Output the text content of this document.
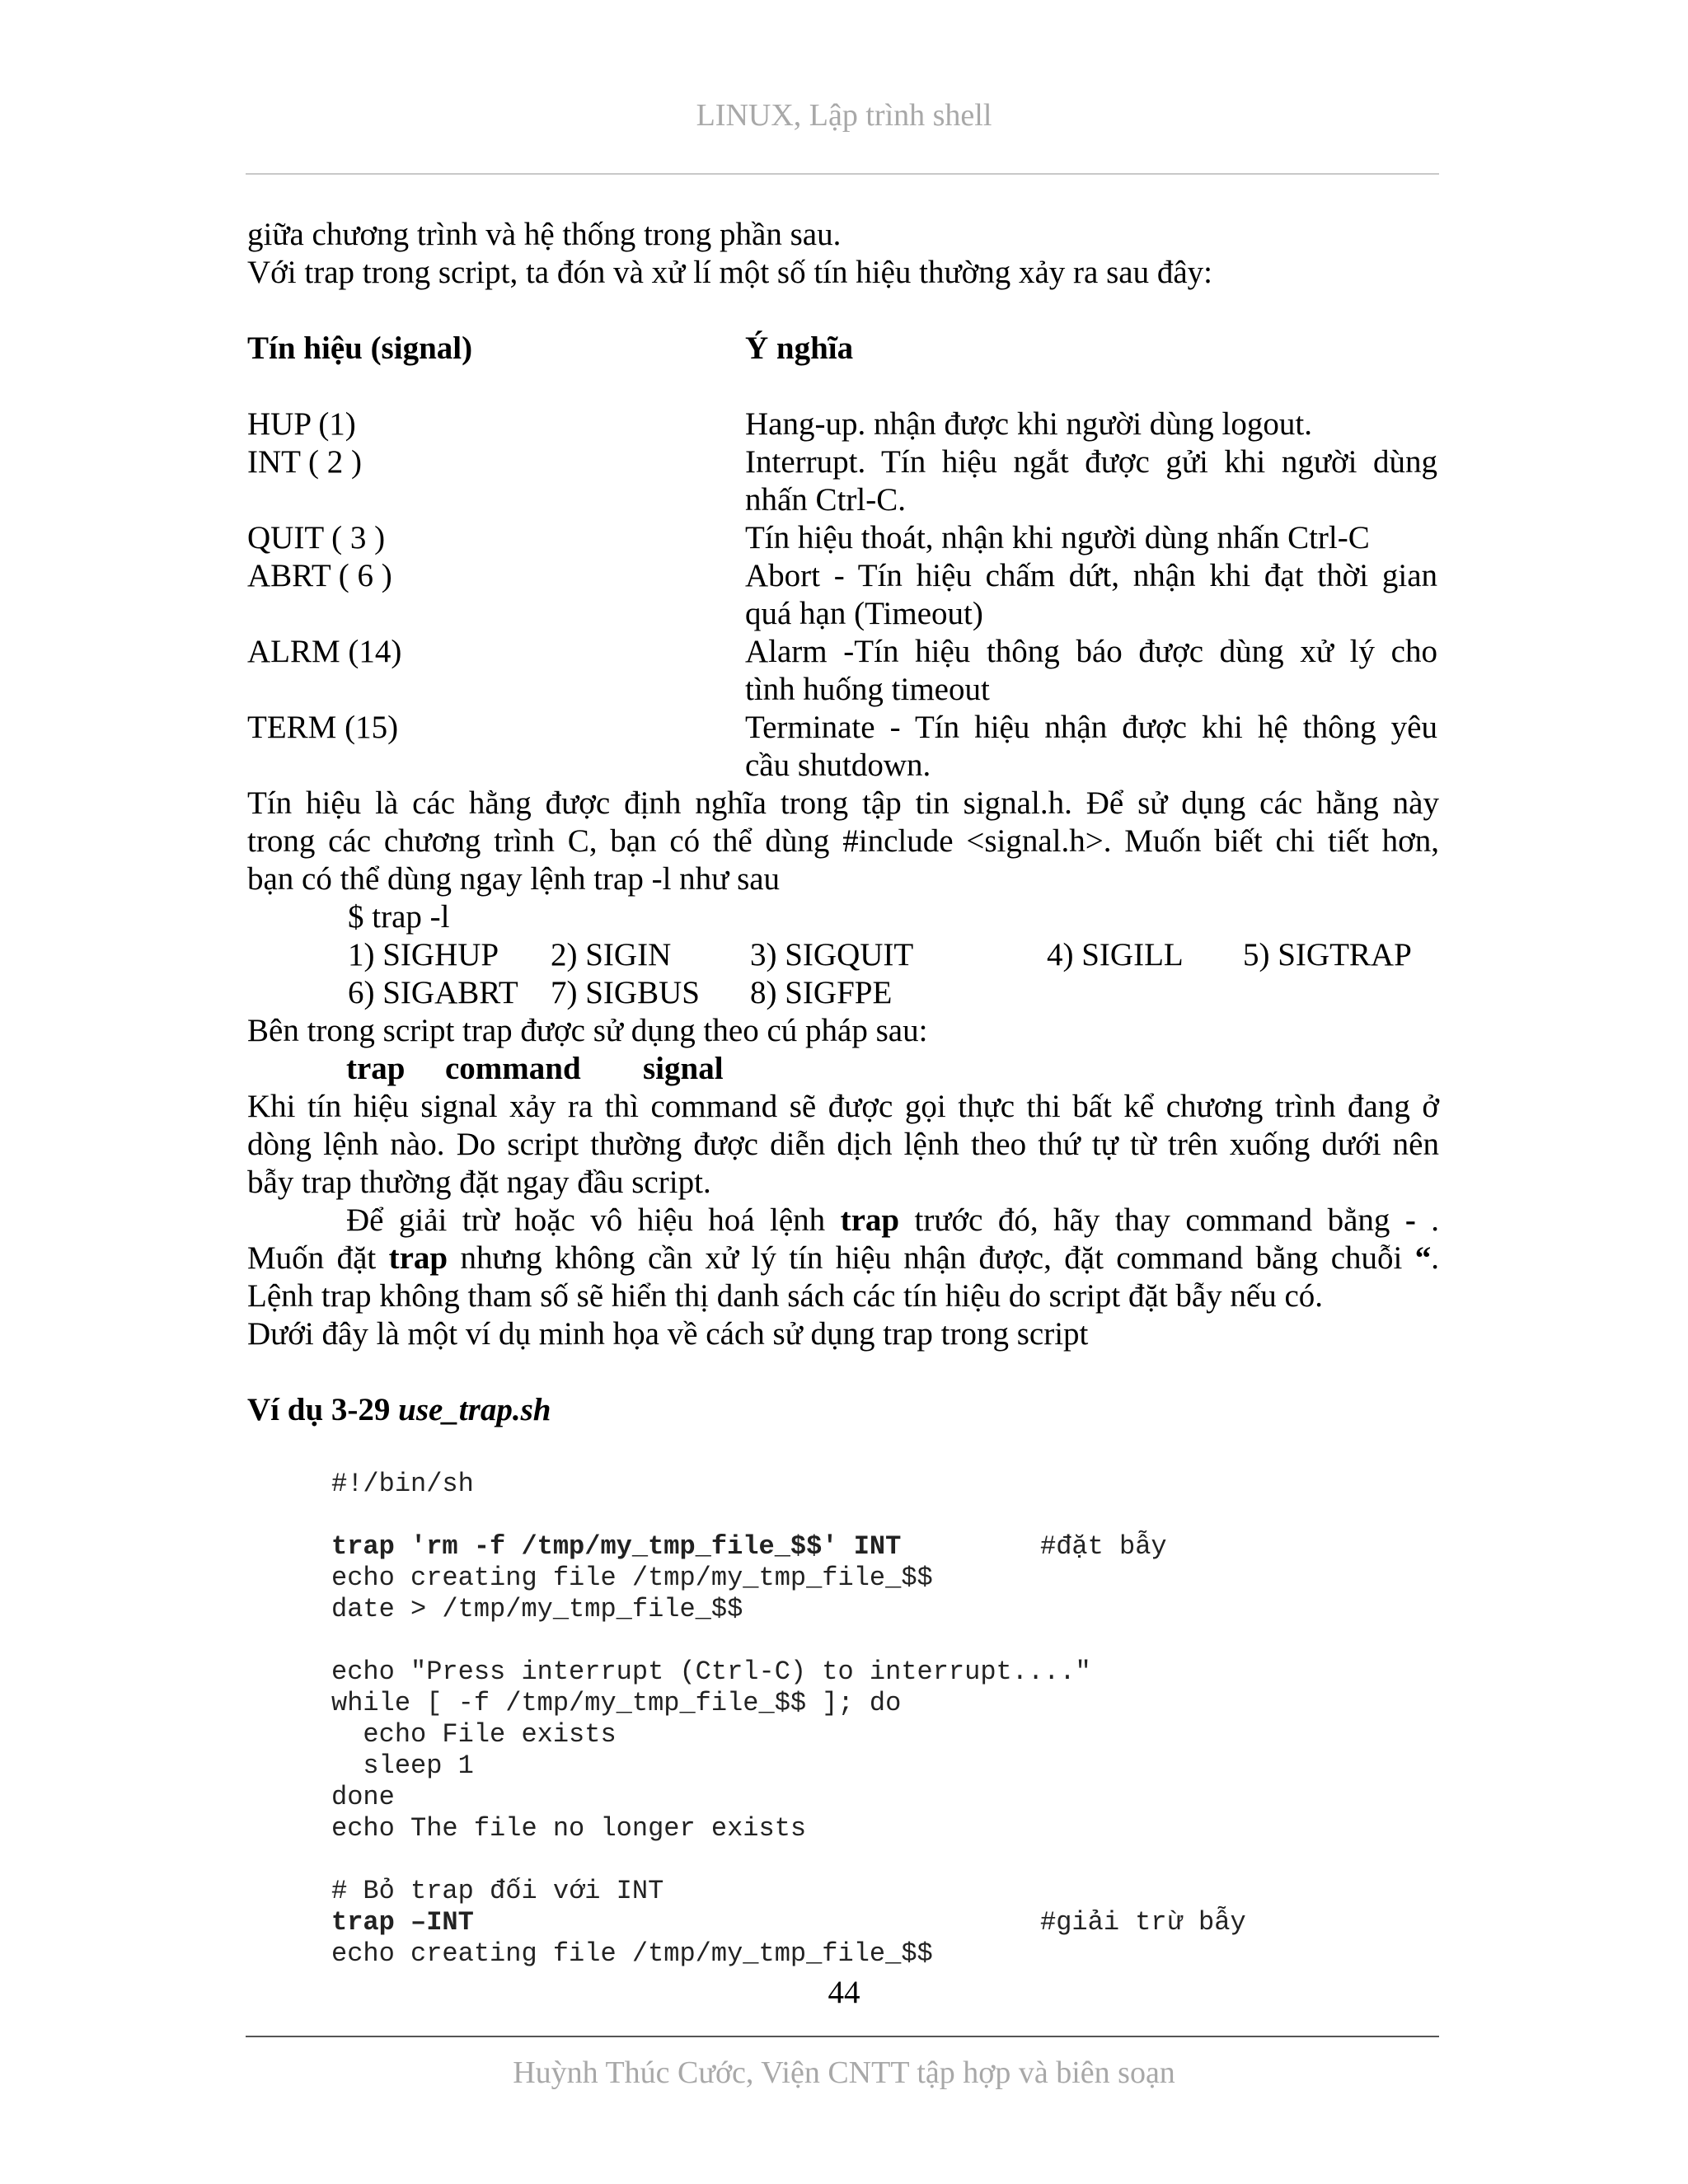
LINUX, Lập trình shell
giữa chương trình và hệ thống trong phần sau.
Với trap trong script, ta đón và xử lí một số tín hiệu thường xảy ra sau đây:
Tín hiệu (signal)	Ý nghĩa
HUP (1)	Hang-up. nhận được khi người dùng logout.
INT ( 2 )	Interrupt. Tín hiệu ngắt được gửi khi người dùng
nhấn Ctrl-C.
QUIT ( 3 )	Tín hiệu thoát, nhận khi người dùng nhấn Ctrl-C
ABRT ( 6 )	Abort - Tín hiệu chấm dứt, nhận khi đạt thời gian
quá hạn (Timeout)
ALRM (14)	Alarm -Tín hiệu thông báo được dùng xử lý cho
tình huống timeout
TERM (15)	Terminate - Tín hiệu nhận được khi hệ thông yêu
cầu shutdown.
Tín hiệu là các hằng được định nghĩa trong tập tin signal.h. Để sử dụng các hằng này
trong các chương trình C, bạn có thể dùng #include <signal.h>. Muốn biết chi tiết hơn,
bạn có thể dùng ngay lệnh trap -l như sau
$ trap -l
1) SIGHUP 2) SIGIN 3) SIGQUIT	4) SIGILL 5) SIGTRAP
6) SIGABRT 7) SIGBUS 8) SIGFPE
Bên trong script trap được sử dụng theo cú pháp sau:
trap command signal
Khi tín hiệu signal xảy ra thì command sẽ được gọi thực thi bất kể chương trình đang ở
dòng lệnh nào. Do script thường được diễn dịch lệnh theo thứ tự từ trên xuống dưới nên
bẫy trap thường đặt ngay đầu script.
Để giải trừ hoặc vô hiệu hoá lệnh trap trước đó, hãy thay command bằng - .
Muốn đặt trap nhưng không cần xử lý tín hiệu nhận được, đặt command bằng chuỗi “.
Lệnh trap không tham số sẽ hiển thị danh sách các tín hiệu do script đặt bẫy nếu có.
Dưới đây là một ví dụ minh họa về cách sử dụng trap trong script
Ví dụ 3-29 use_trap.sh
#!/bin/sh
trap 'rm -f /tmp/my_tmp_file_$$' INT	#đặt bẫy
echo creating file /tmp/my_tmp_file_$$
date > /tmp/my_tmp_file_$$
echo "Press interrupt (Ctrl-C) to interrupt...."
while [ -f /tmp/my_tmp_file_$$ ]; do
echo File exists
sleep 1
done
echo The file no longer exists
# Bỏ trap đối với INT
trap –INT	#giải trừ bẫy
echo creating file /tmp/my_tmp_file_$$
44
Huỳnh Thúc Cước, Viện CNTT tập hợp và biên soạn
